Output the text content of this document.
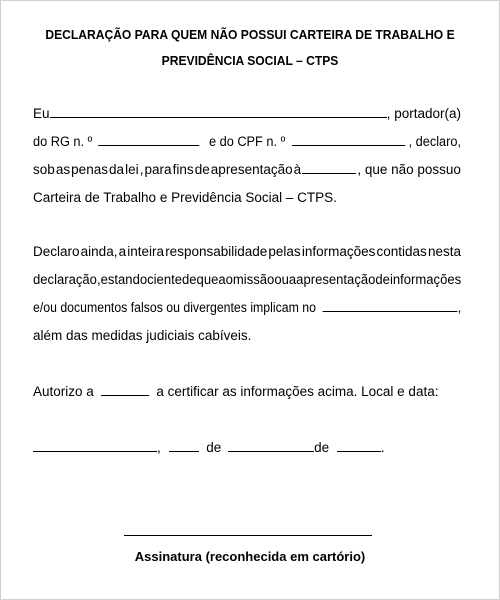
DECLARAÇÃO PARA QUEM NÃO POSSUI CARTEIRA DE TRABALHO E
PREVIDÊNCIA SOCIAL – CTPS
Eu	, portador(a)
do RG n. º	e do CPF n. º	, declaro,
sob as penas da lei , para fins de apresentação à	, que não possuo
Carteira de Trabalho e Previdência Social – CTPS.
Declaro ainda, a inteira responsabilidade pelas informações contidas nesta
declaração, estando ciente de que a omissão ou a apresentação de informações
e/ou documentos falsos ou divergentes implicam no	,
além das medidas judiciais cabíveis.
Autorizo a	a certificar as informações acima. Local e data:
,	de	de	.
Assinatura (reconhecida em cartório)
